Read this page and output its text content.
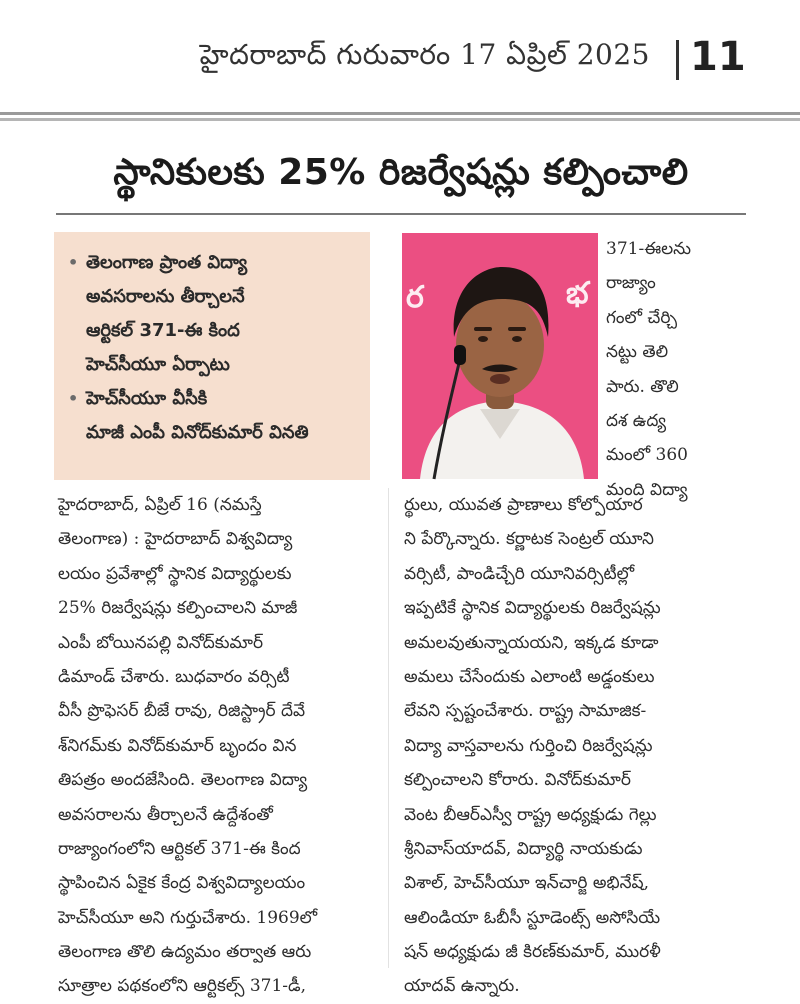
హైదరాబాద్ గురువారం 17 ఏప్రిల్ 2025 11
స్థానికులకు 25% రిజర్వేషన్లు కల్పించాలి
• తెలంగాణ ప్రాంత విద్యా
అవసరాలను తీర్చాలనే
ఆర్టికల్ 371-ఈ కింద
హెచ్‌సీయూ ఏర్పాటు
• హెచ్‌సీయూ వీసీకి
మాజీ ఎంపీ వినోద్‌కుమార్ వినతి
ర	భ
371-ఈలను
రాజ్యాం
గంలో చేర్చి
నట్టు తెలి
పారు. తొలి
దశ ఉద్య
మంలో 360
మంది విద్యా
హైదరాబాద్, ఏప్రిల్ 16 (నమస్తే
తెలంగాణ) : హైదరాబాద్ విశ్వవిద్యా
లయం ప్రవేశాల్లో స్థానిక విద్యార్థులకు
25% రిజర్వేషన్లు కల్పించాలని మాజీ
ఎంపీ బోయినపల్లి వినోద్‌కుమార్
డిమాండ్ చేశారు. బుధవారం వర్సిటీ
వీసీ ప్రొఫెసర్ బీజే రావు, రిజిస్ట్రార్ దేవే
శ్‌నిగమ్‌కు వినోద్‌కుమార్ బృందం విన
తిపత్రం అందజేసింది. తెలంగాణ విద్యా
అవసరాలను తీర్చాలనే ఉద్దేశంతో
రాజ్యాంగంలోని ఆర్టికల్ 371-ఈ కింద
స్థాపించిన ఏకైక కేంద్ర విశ్వవిద్యాలయం
హెచ్‌సీయూ అని గుర్తుచేశారు. 1969లో
తెలంగాణ తొలి ఉద్యమం తర్వాత ఆరు
సూత్రాల పథకంలోని ఆర్టికల్స్ 371-డీ,
ర్థులు, యువత ప్రాణాలు కోల్పోయార
ని పేర్కొన్నారు. కర్ణాటక సెంట్రల్ యూని
వర్సిటీ, పాండిచ్చేరి యూనివర్సిటీల్లో
ఇప్పటికే స్థానిక విద్యార్థులకు రిజర్వేషన్లు
అమలవుతున్నాయయని, ఇక్కడ కూడా
అమలు చేసేందుకు ఎలాంటి అడ్డంకులు
లేవని స్పష్టంచేశారు. రాష్ట్ర సామాజిక-
విద్యా వాస్తవాలను గుర్తించి రిజర్వేషన్లు
కల్పించాలని కోరారు. వినోద్‌కుమార్
వెంట బీఆర్‌ఎస్వీ రాష్ట్ర అధ్యక్షుడు గెల్లు
శ్రీనివాస్‌యాదవ్, విద్యార్థి నాయకుడు
విశాల్, హెచ్‌సీయూ ఇన్‌చార్జి అభినేష్,
ఆలిండియా ఓబీసీ స్టూడెంట్స్ అసోసియే
షన్ అధ్యక్షుడు జీ కిరణ్‌కుమార్, మురళీ
యాదవ్ ఉన్నారు.
